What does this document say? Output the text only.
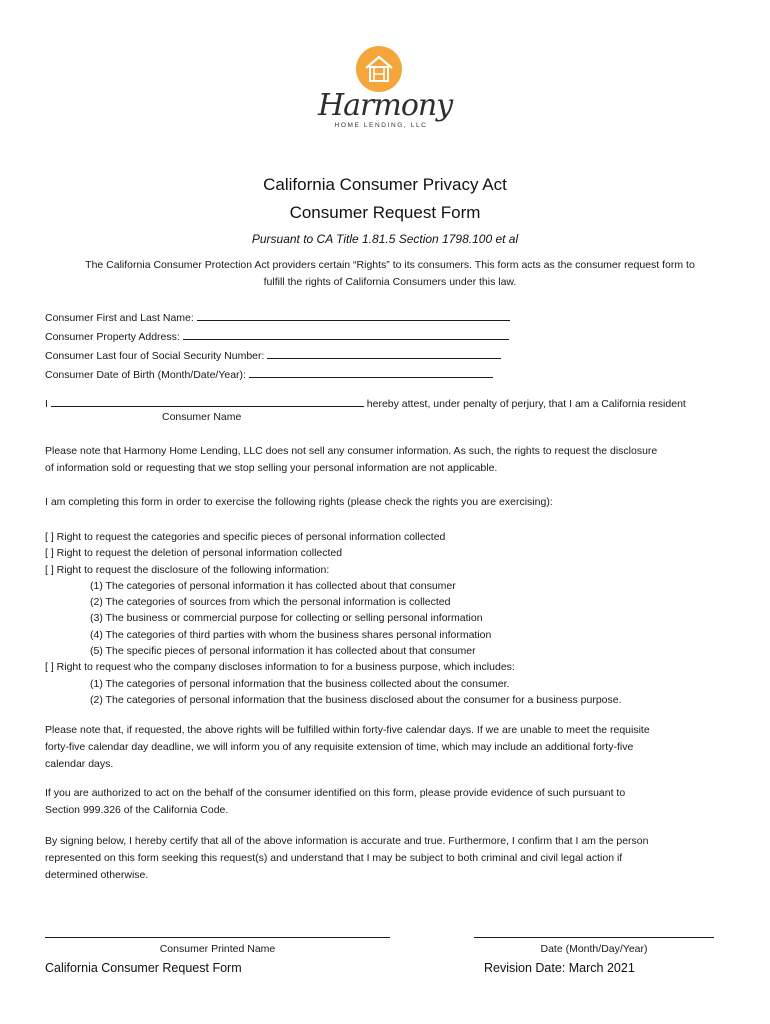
Harmony
HOME LENDING, LLC
California Consumer Privacy Act
Consumer Request Form
Pursuant to CA Title 1.81.5 Section 1798.100 et al
The California Consumer Protection Act providers certain “Rights” to its consumers. This form acts as the consumer request form to
fulfill the rights of California Consumers under this law.
Consumer First and Last Name:
Consumer Property Address:
Consumer Last four of Social Security Number:
Consumer Date of Birth (Month/Date/Year):
I	hereby attest, under penalty of perjury, that I am a California resident
Consumer Name
Please note that Harmony Home Lending, LLC does not sell any consumer information. As such, the rights to request the disclosure
of information sold or requesting that we stop selling your personal information are not applicable.
I am completing this form in order to exercise the following rights (please check the rights you are exercising):
[ ] Right to request the categories and specific pieces of personal information collected
[ ] Right to request the deletion of personal information collected
[ ] Right to request the disclosure of the following information:
(1) The categories of personal information it has collected about that consumer
(2) The categories of sources from which the personal information is collected
(3) The business or commercial purpose for collecting or selling personal information
(4) The categories of third parties with whom the business shares personal information
(5) The specific pieces of personal information it has collected about that consumer
[ ] Right to request who the company discloses information to for a business purpose, which includes:
(1) The categories of personal information that the business collected about the consumer.
(2) The categories of personal information that the business disclosed about the consumer for a business purpose.
Please note that, if requested, the above rights will be fulfilled within forty-five calendar days. If we are unable to meet the requisite
forty-five calendar day deadline, we will inform you of any requisite extension of time, which may include an additional forty-five
calendar days.
If you are authorized to act on the behalf of the consumer identified on this form, please provide evidence of such pursuant to
Section 999.326 of the California Code.
By signing below, I hereby certify that all of the above information is accurate and true. Furthermore, I confirm that I am the person
represented on this form seeking this request(s) and understand that I may be subject to both criminal and civil legal action if
determined otherwise.
Consumer Printed Name	Date (Month/Day/Year)
California Consumer Request Form	Revision Date: March 2021
